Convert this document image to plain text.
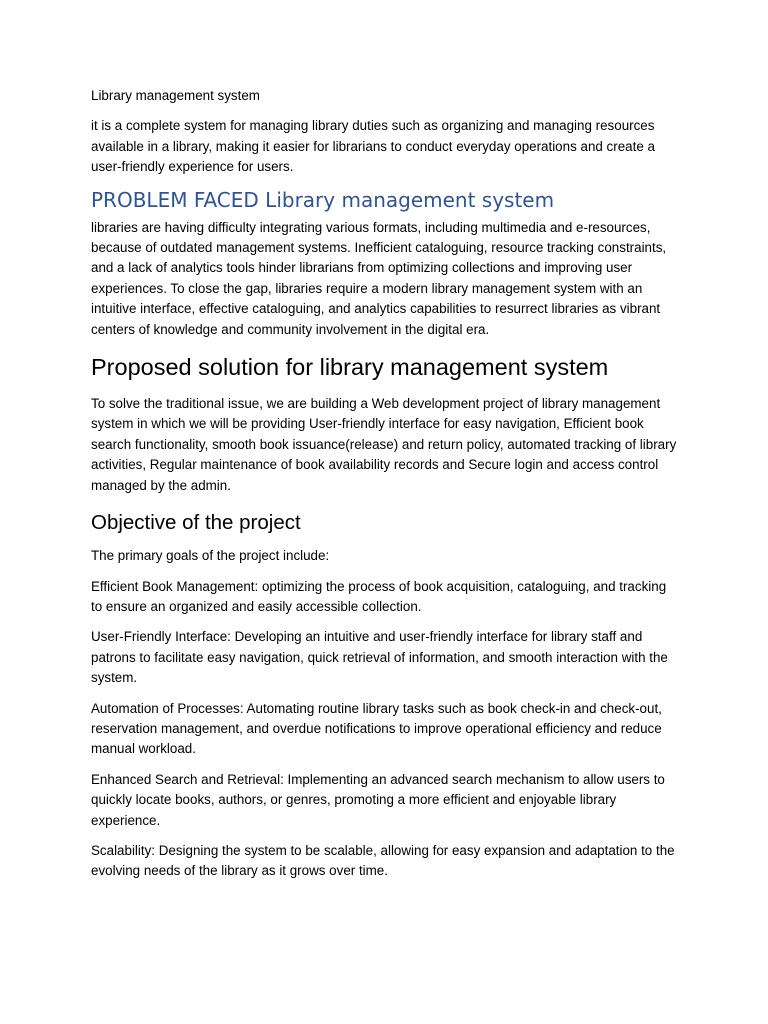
Library management system

it is a complete system for managing library duties such as organizing and managing resources available in a library, making it easier for librarians to conduct everyday operations and create a user-friendly experience for users.

PROBLEM FACED Library management system

libraries are having difficulty integrating various formats, including multimedia and e-resources, because of outdated management systems. Inefficient cataloguing, resource tracking constraints, and a lack of analytics tools hinder librarians from optimizing collections and improving user experiences. To close the gap, libraries require a modern library management system with an intuitive interface, effective cataloguing, and analytics capabilities to resurrect libraries as vibrant centers of knowledge and community involvement in the digital era.

Proposed solution for library management system

To solve the traditional issue, we are building a Web development project of library management system in which we will be providing User-friendly interface for easy navigation, Efficient book search functionality, smooth book issuance(release) and return policy, automated tracking of library activities, Regular maintenance of book availability records and Secure login and access control managed by the admin.

Objective of the project

The primary goals of the project include:

Efficient Book Management: optimizing the process of book acquisition, cataloguing, and tracking to ensure an organized and easily accessible collection.

User-Friendly Interface: Developing an intuitive and user-friendly interface for library staff and patrons to facilitate easy navigation, quick retrieval of information, and smooth interaction with the system.

Automation of Processes: Automating routine library tasks such as book check-in and check-out, reservation management, and overdue notifications to improve operational efficiency and reduce manual workload.

Enhanced Search and Retrieval: Implementing an advanced search mechanism to allow users to quickly locate books, authors, or genres, promoting a more efficient and enjoyable library experience.

Scalability: Designing the system to be scalable, allowing for easy expansion and adaptation to the evolving needs of the library as it grows over time.
